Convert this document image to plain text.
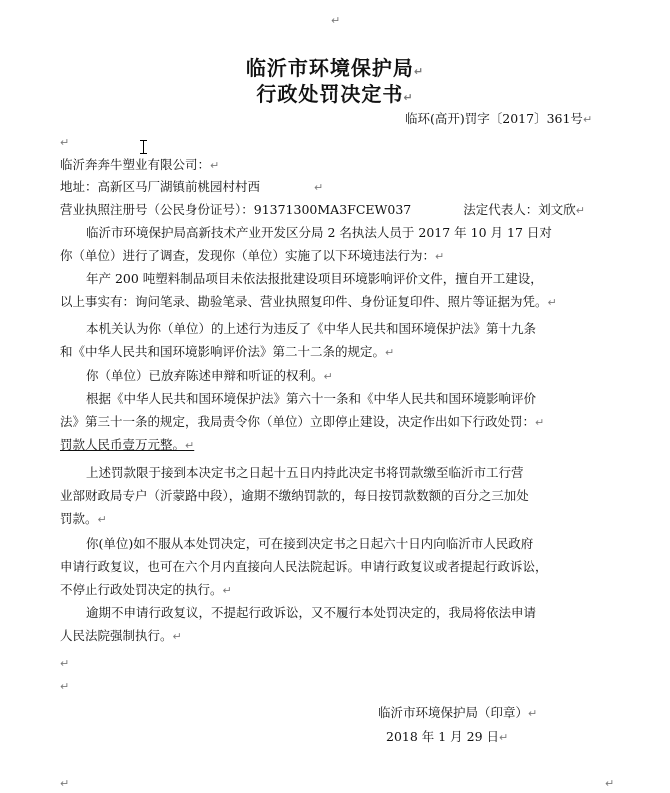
↵
临沂市环境保护局↵
行政处罚决定书↵
临环(高开)罚字〔2017〕361号↵
↵
临沂奔奔牛塑业有限公司：↵
地址：高新区马厂湖镇前桃园村村西	↵
营业执照注册号（公民身份证号）：91371300MA3FCEW037	法定代表人：刘文欣↵
临沂市环境保护局高新技术产业开发区分局 2 名执法人员于 2017 年 10 月 17 日对
你（单位）进行了调查，发现你（单位）实施了以下环境违法行为：↵
年产 200 吨塑料制品项目未依法报批建设项目环境影响评价文件，擅自开工建设，
以上事实有：询问笔录、勘验笔录、营业执照复印件、身份证复印件、照片等证据为凭。↵
本机关认为你（单位）的上述行为违反了《中华人民共和国环境保护法》第十九条
和《中华人民共和国环境影响评价法》第二十二条的规定。↵
你（单位）已放弃陈述申辩和听证的权利。↵
根据《中华人民共和国环境保护法》第六十一条和《中华人民共和国环境影响评价
法》第三十一条的规定，我局责令你（单位）立即停止建设，决定作出如下行政处罚：↵
罚款人民币壹万元整。↵
上述罚款限于接到本决定书之日起十五日内持此决定书将罚款缴至临沂市工行营
业部财政局专户（沂蒙路中段），逾期不缴纳罚款的，每日按罚款数额的百分之三加处
罚款。↵
你(单位)如不服从本处罚决定，可在接到决定书之日起六十日内向临沂市人民政府
申请行政复议，也可在六个月内直接向人民法院起诉。申请行政复议或者提起行政诉讼，
不停止行政处罚决定的执行。↵
逾期不申请行政复议，不提起行政诉讼，又不履行本处罚决定的，我局将依法申请
人民法院强制执行。↵
↵
↵
临沂市环境保护局（印章）↵
2018 年 1 月 29 日↵
↵	↵
